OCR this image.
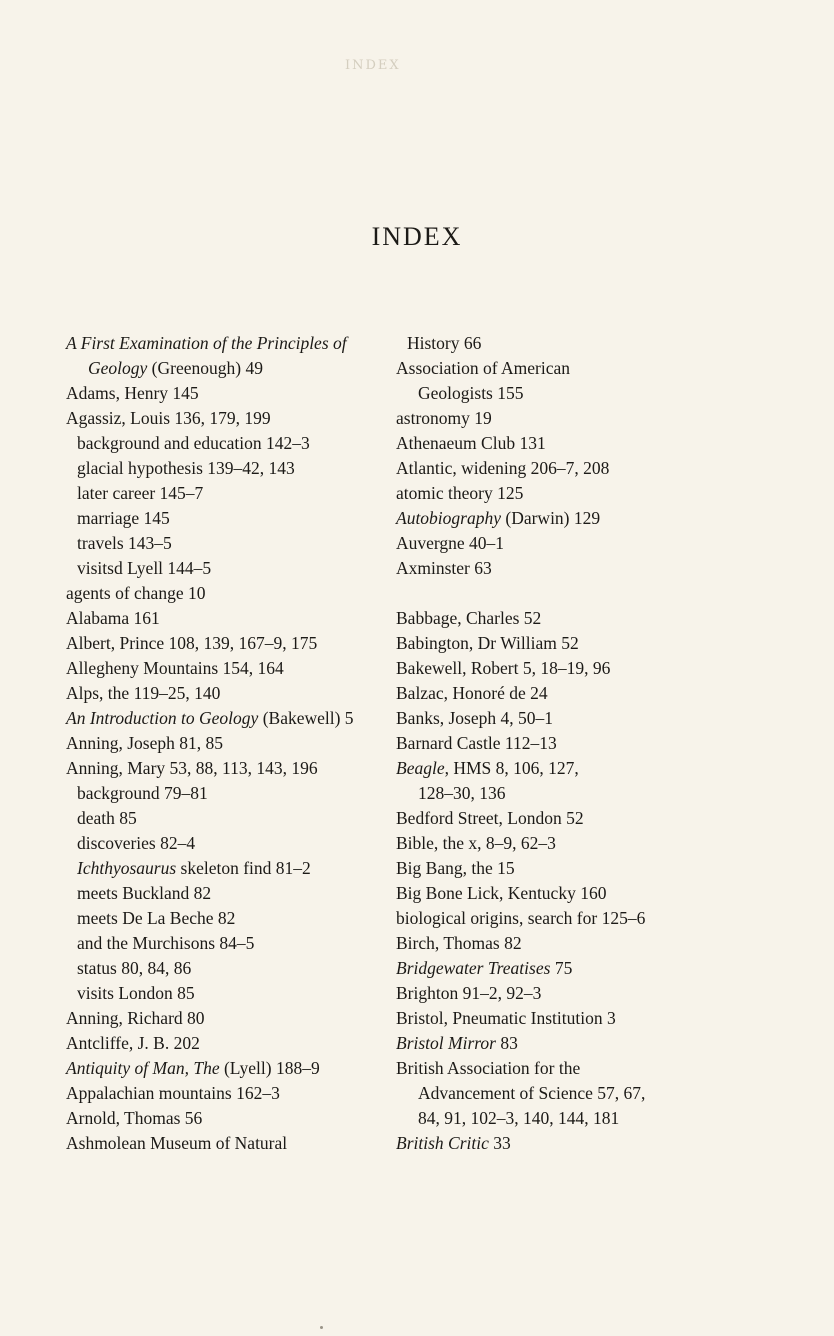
INDEX
INDEX
A First Examination of the Principles of
Geology (Greenough) 49
Adams, Henry 145
Agassiz, Louis 136, 179, 199
background and education 142–3
glacial hypothesis 139–42, 143
later career 145–7
marriage 145
travels 143–5
visitsd Lyell 144–5
agents of change 10
Alabama 161
Albert, Prince 108, 139, 167–9, 175
Allegheny Mountains 154, 164
Alps, the 119–25, 140
An Introduction to Geology (Bakewell) 5
Anning, Joseph 81, 85
Anning, Mary 53, 88, 113, 143, 196
background 79–81
death 85
discoveries 82–4
Ichthyosaurus skeleton find 81–2
meets Buckland 82
meets De La Beche 82
and the Murchisons 84–5
status 80, 84, 86
visits London 85
Anning, Richard 80
Antcliffe, J. B. 202
Antiquity of Man, The (Lyell) 188–9
Appalachian mountains 162–3
Arnold, Thomas 56
Ashmolean Museum of Natural
History 66
Association of American
Geologists 155
astronomy 19
Athenaeum Club 131
Atlantic, widening 206–7, 208
atomic theory 125
Autobiography (Darwin) 129
Auvergne 40–1
Axminster 63
Babbage, Charles 52
Babington, Dr William 52
Bakewell, Robert 5, 18–19, 96
Balzac, Honoré de 24
Banks, Joseph 4, 50–1
Barnard Castle 112–13
Beagle, HMS 8, 106, 127,
128–30, 136
Bedford Street, London 52
Bible, the x, 8–9, 62–3
Big Bang, the 15
Big Bone Lick, Kentucky 160
biological origins, search for 125–6
Birch, Thomas 82
Bridgewater Treatises 75
Brighton 91–2, 92–3
Bristol, Pneumatic Institution 3
Bristol Mirror 83
British Association for the
Advancement of Science 57, 67,
84, 91, 102–3, 140, 144, 181
British Critic 33
